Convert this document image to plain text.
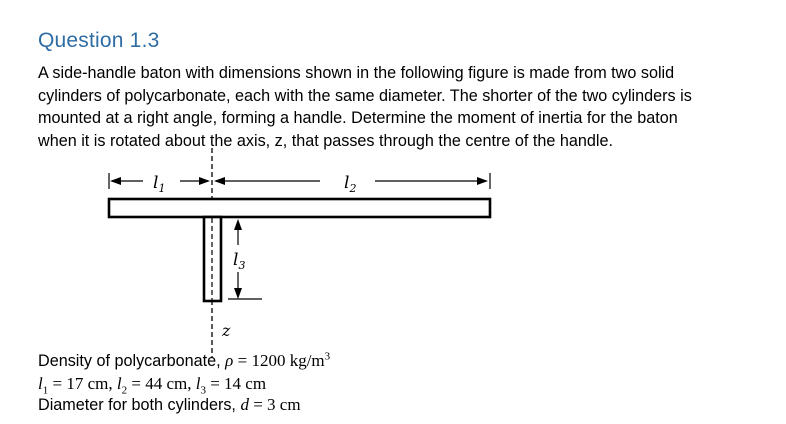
Question 1.3
A side-handle baton with dimensions shown in the following figure is made from two solid
cylinders of polycarbonate, each with the same diameter. The shorter of the two cylinders is
mounted at a right angle, forming a handle. Determine the moment of inertia for the baton
when it is rotated about the axis, z, that passes through the centre of the handle.
$l_1$	$l_2$
$l_3$
z
Density of polycarbonate, ρ = 1200 $kg/m^3$
$l_1 = 17$ cm, $l_2 = 44$ cm, $l_3 = 14$ cm
Diameter for both cylinders, d = 3 cm
